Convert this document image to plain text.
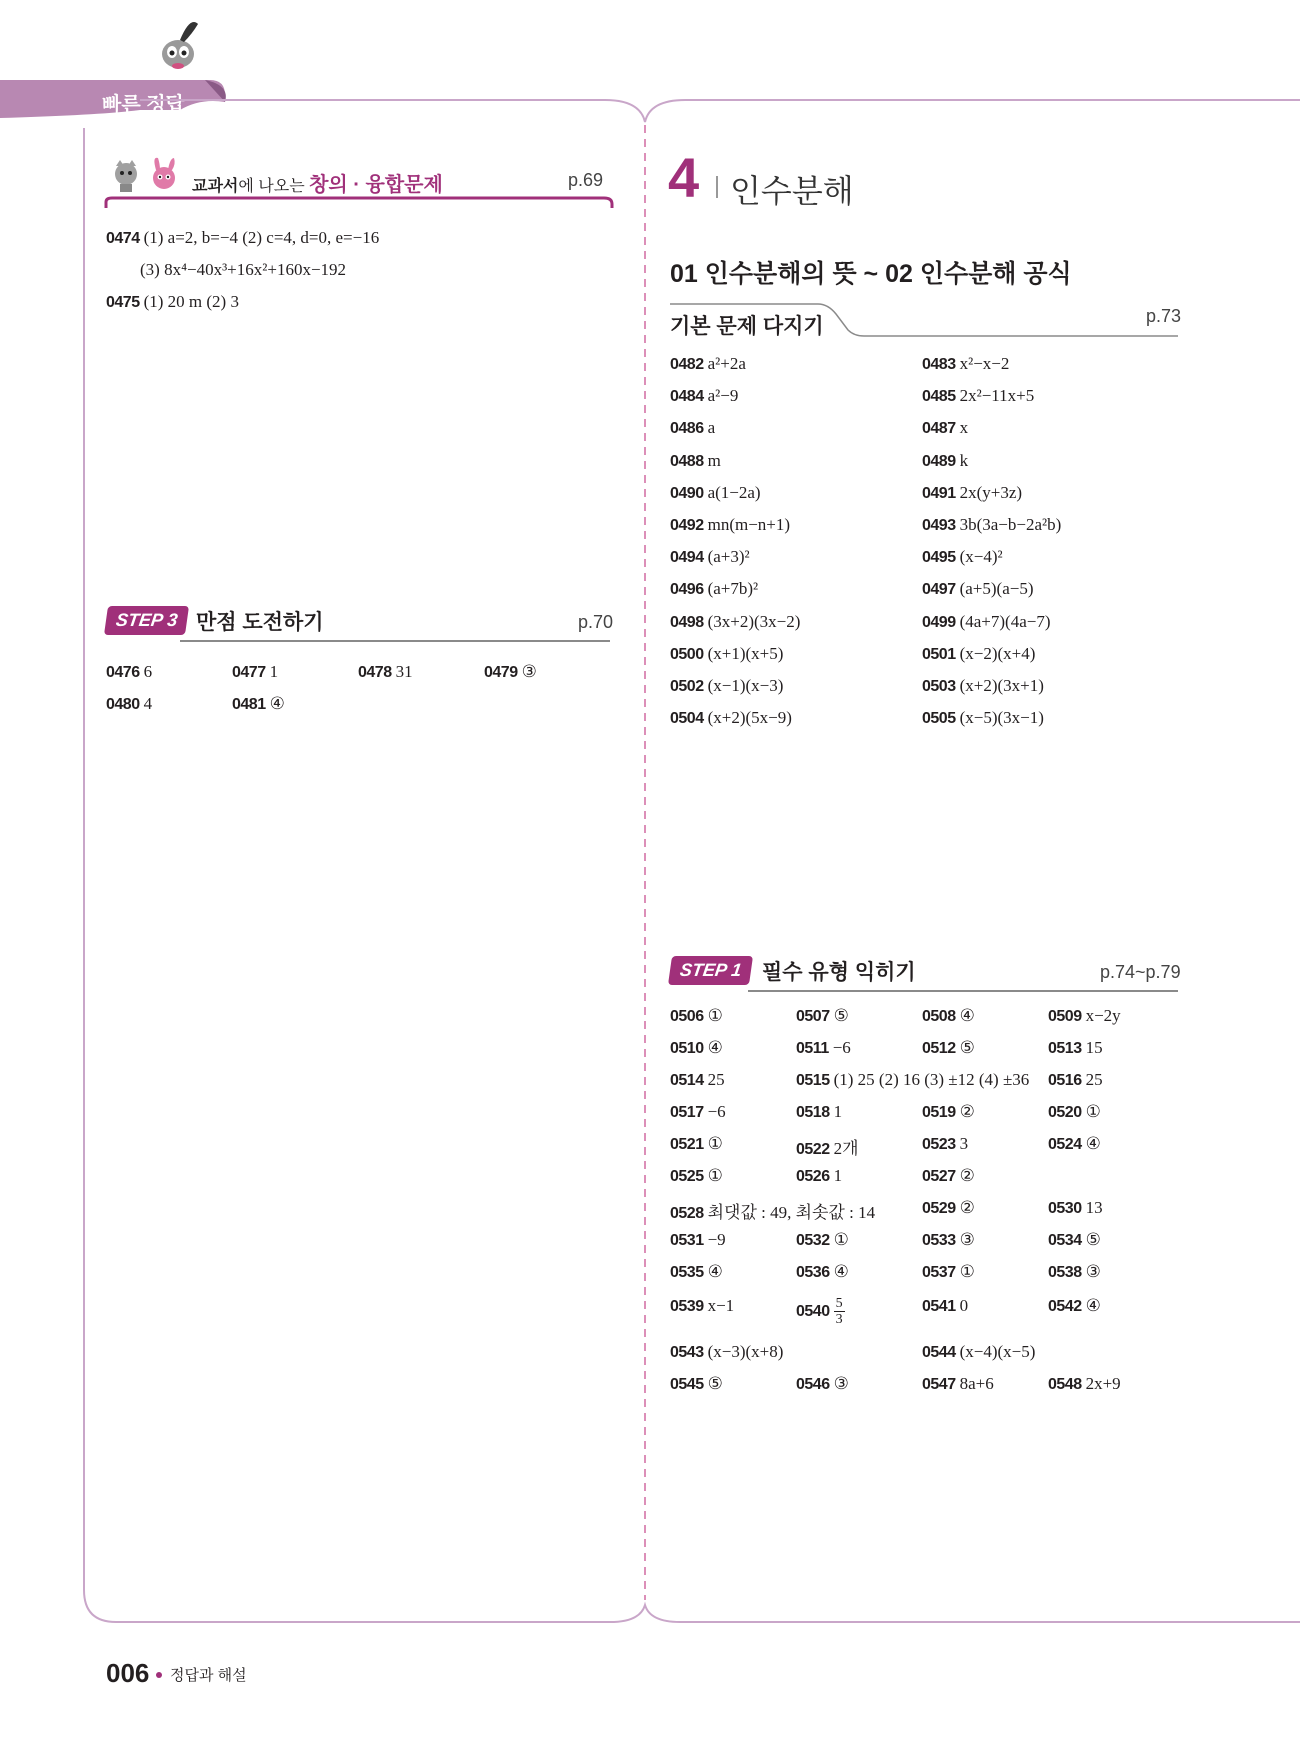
빠른 정답
교과서에 나오는 창의 · 융합문제	p.69
0474 (1) a=2, b=−4 (2) c=4, d=0, e=−16
(3) 8x⁴−40x³+16x²+160x−192
0475 (1) 20 m (2) 3
STEP 3 만점 도전하기	p.70
0476 6	0477 1	0478 31	0479 ③
0480 4	0481 ④
4 인수분해
01 인수분해의 뜻 ~ 02 인수분해 공식
기본 문제 다지기	p.73
0482 a²+2a	0483 x²−x−2
0484 a²−9	0485 2x²−11x+5
0486 a	0487 x
0488 m	0489 k
0490 a(1−2a)	0491 2x(y+3z)
0492 mn(m−n+1)	0493 3b(3a−b−2a²b)
0494 (a+3)²	0495 (x−4)²
0496 (a+7b)²	0497 (a+5)(a−5)
0498 (3x+2)(3x−2)	0499 (4a+7)(4a−7)
0500 (x+1)(x+5)	0501 (x−2)(x+4)
0502 (x−1)(x−3)	0503 (x+2)(3x+1)
0504 (x+2)(5x−9)	0505 (x−5)(3x−1)
STEP 1 필수 유형 익히기	p.74~p.79
0506 ①	0507 ⑤	0508 ④	0509 x−2y
0510 ④	0511 −6	0512 ⑤	0513 15
0514 25	0515 (1) 25 (2) 16 (3) ±12 (4) ±36 0516 25
0517 −6	0518 1	0519 ②	0520 ①
0521 ①	0522 2개	0523 3	0524 ④
0525 ①	0526 1	0527 ②
0528 최댓값 : 49, 최솟값 : 14	0529 ②	0530 13
0531 −9	0532 ①	0533 ③	0534 ⑤
0535 ④	0536 ④	0537 ①	0538 ③
0539 x−1	$0540 \frac{5}{3}$	0541 0	0542 ④
0543 (x−3)(x+8)	0544 (x−4)(x−5)
0545 ⑤	0546 ③	0547 8a+6	0548 2x+9
006 정답과 해설
